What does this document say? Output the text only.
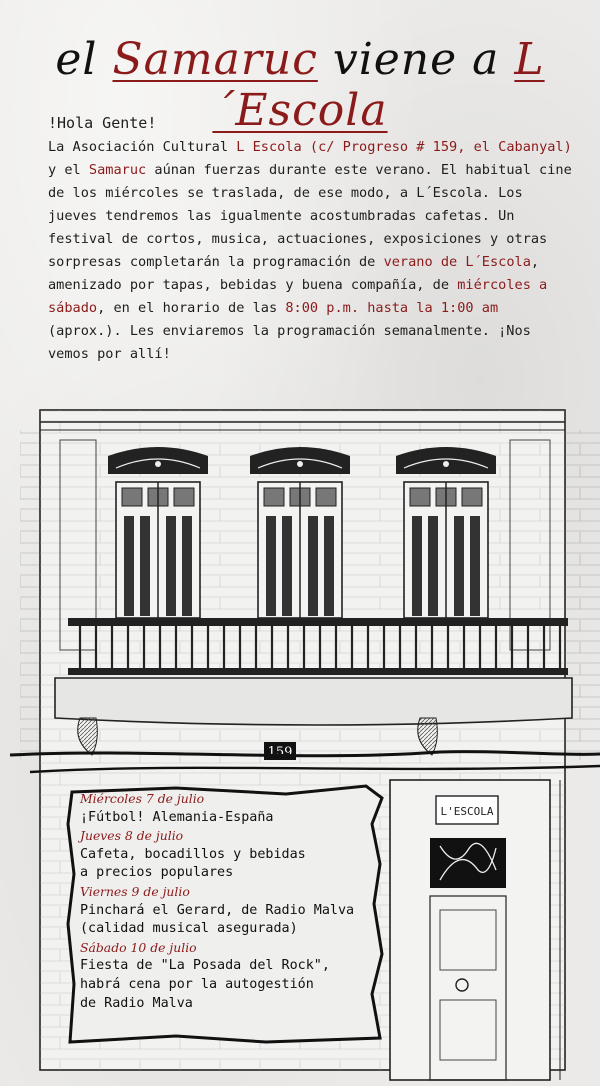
el Samaruc viene a L´Escola
!Hola Gente!
La Asociación Cultural L Escola (c/ Progreso # 159, el Cabanyal) y el Samaruc aúnan fuerzas durante este verano. El habitual cine de los miércoles se traslada, de ese modo, a L´Escola. Los jueves tendremos las igualmente acostumbradas cafetas. Un festival de cortos, musica, actuaciones, exposiciones y otras sorpresas completarán la programación de verano de L´Escola, amenizado por tapas, bebidas y buena compañía, de miércoles a sábado, en el horario de las 8:00 p.m. hasta la 1:00 am (aprox.). Les enviaremos la programación semanalmente. ¡Nos vemos por allí!
159
L'ESCOLA
Miércoles 7 de julio
¡Fútbol! Alemania-España
Jueves 8 de julio
Cafeta, bocadillos y bebidas
a precios populares
Viernes 9 de julio
Pinchará el Gerard, de Radio Malva
(calidad musical asegurada)
Sábado 10 de julio
Fiesta de "La Posada del Rock",
habrá cena por la autogestión
de Radio Malva
